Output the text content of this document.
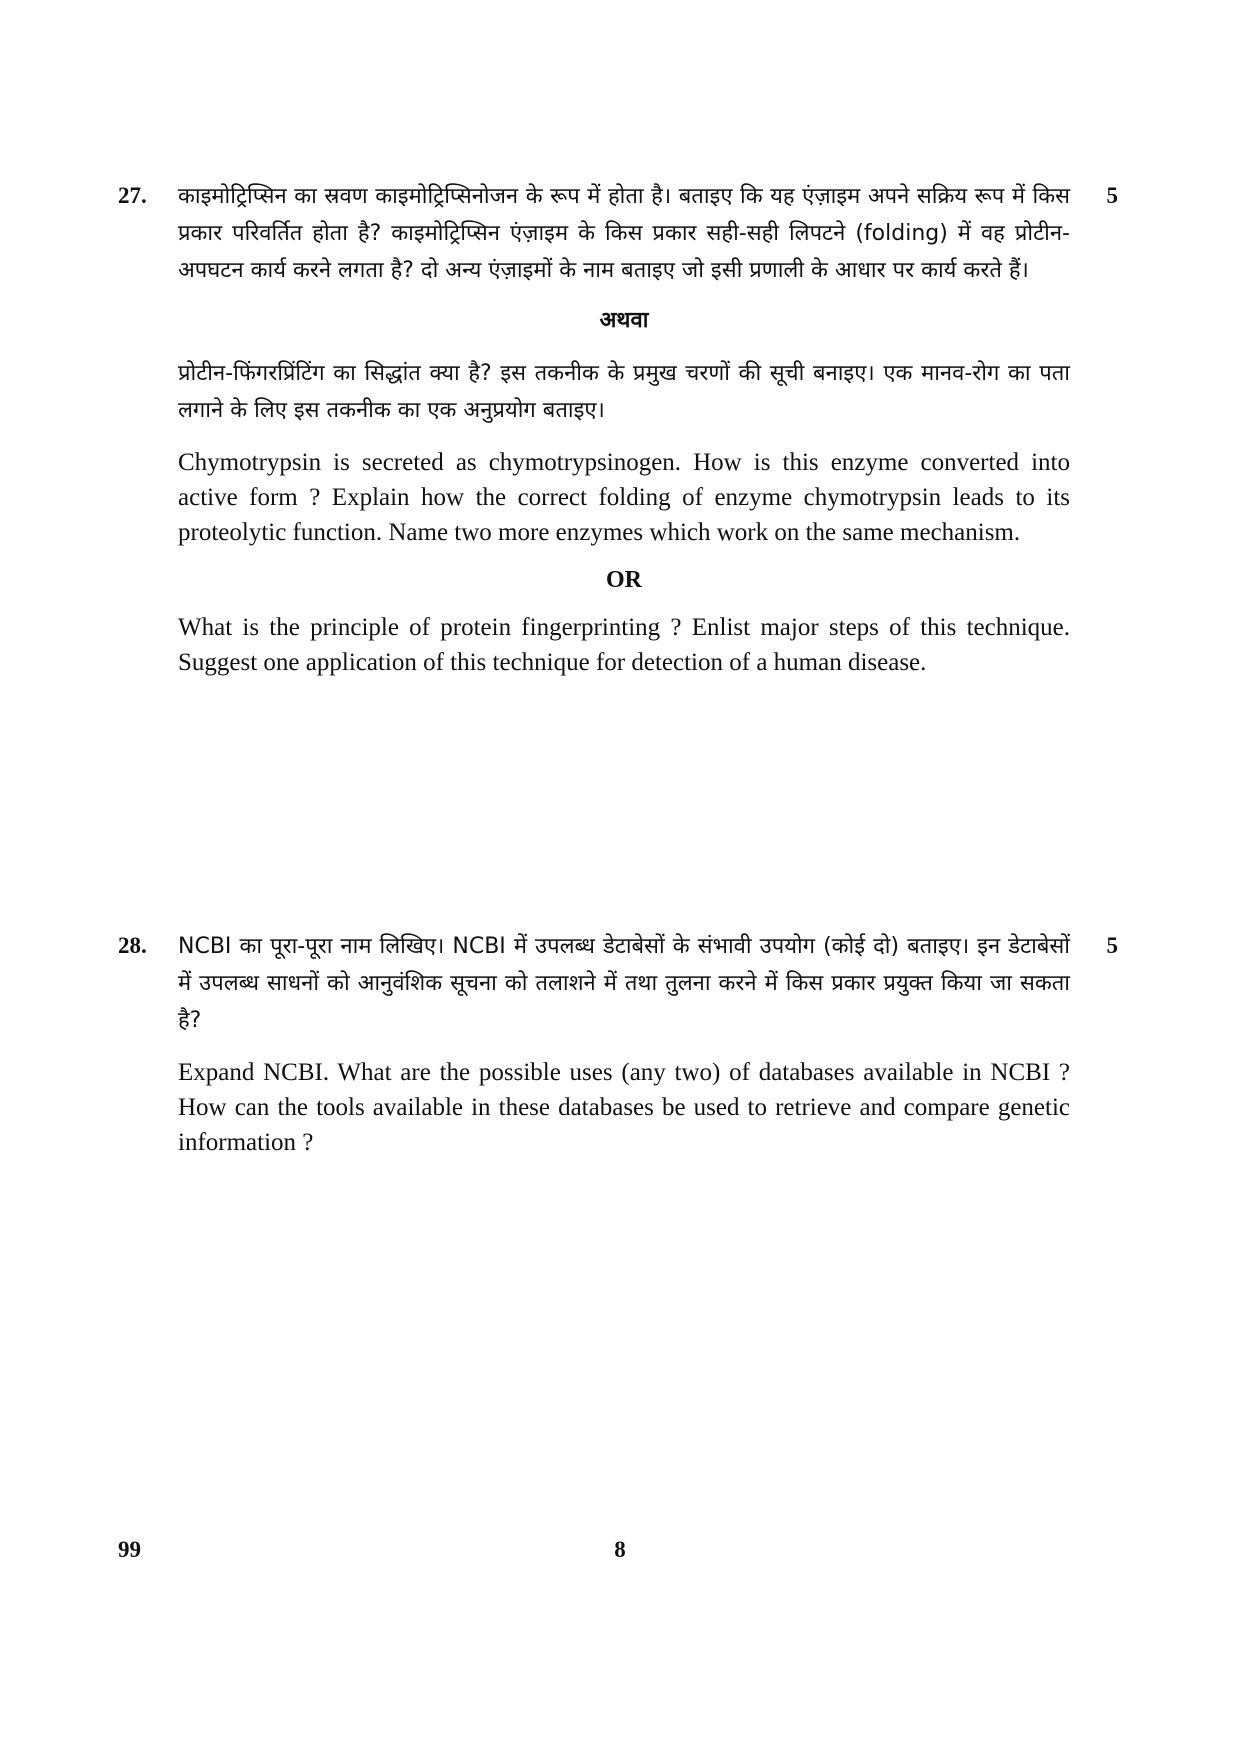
27.	5

काइमोट्रिप्सिन का स्रवण काइमोट्रिप्सिनोजन के रूप में होता है। बताइए कि यह एंज़ाइम अपने सक्रिय रूप में किस प्रकार परिवर्तित होता है? काइमोट्रिप्सिन एंज़ाइम के किस प्रकार सही-सही लिपटने (folding) में वह प्रोटीन-अपघटन कार्य करने लगता है? दो अन्य एंज़ाइमों के नाम बताइए जो इसी प्रणाली के आधार पर कार्य करते हैं।

अथवा

प्रोटीन-फिंगरप्रिंटिंग का सिद्धांत क्या है? इस तकनीक के प्रमुख चरणों की सूची बनाइए। एक मानव-रोग का पता लगाने के लिए इस तकनीक का एक अनुप्रयोग बताइए।

Chymotrypsin is secreted as chymotrypsinogen. How is this enzyme converted into active form ? Explain how the correct folding of enzyme chymotrypsin leads to its proteolytic function. Name two more enzymes which work on the same mechanism.

OR

What is the principle of protein fingerprinting ? Enlist major steps of this technique. Suggest one application of this technique for detection of a human disease.

28.	5

NCBI का पूरा-पूरा नाम लिखिए। NCBI में उपलब्ध डेटाबेसों के संभावी उपयोग (कोई दो) बताइए। इन डेटाबेसों में उपलब्ध साधनों को आनुवंशिक सूचना को तलाशने में तथा तुलना करने में किस प्रकार प्रयुक्त किया जा सकता है?

Expand NCBI. What are the possible uses (any two) of databases available in NCBI ? How can the tools available in these databases be used to retrieve and compare genetic information ?

99	8
